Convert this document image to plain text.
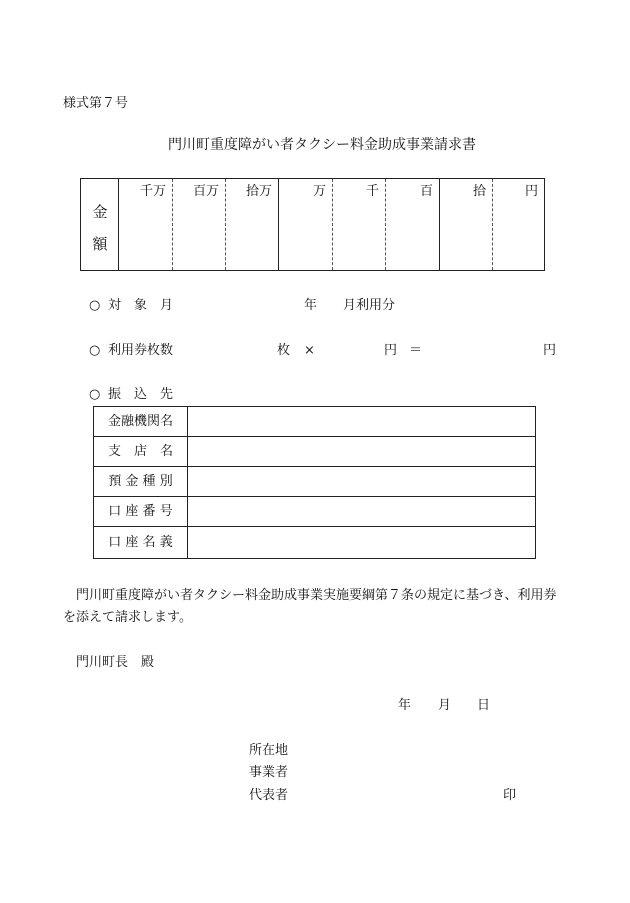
様式第７号
門川町重度障がい者タクシー料金助成事業請求書
金
額
千万 百万 拾万	万	千	百	拾	円
○ 対　象　月	年 月利用分
○ 利用券枚数	枚 ×	円 ＝	円
○ 振　込　先
金融機関名
支　店　名
預 金 種 別
口 座 番 号
口 座 名 義
門川町重度障がい者タクシー料金助成事業実施要綱第７条の規定に基づき、利用券
を添えて請求します。
門川町長　殿
年 月 日
所在地
事業者
代表者	印
